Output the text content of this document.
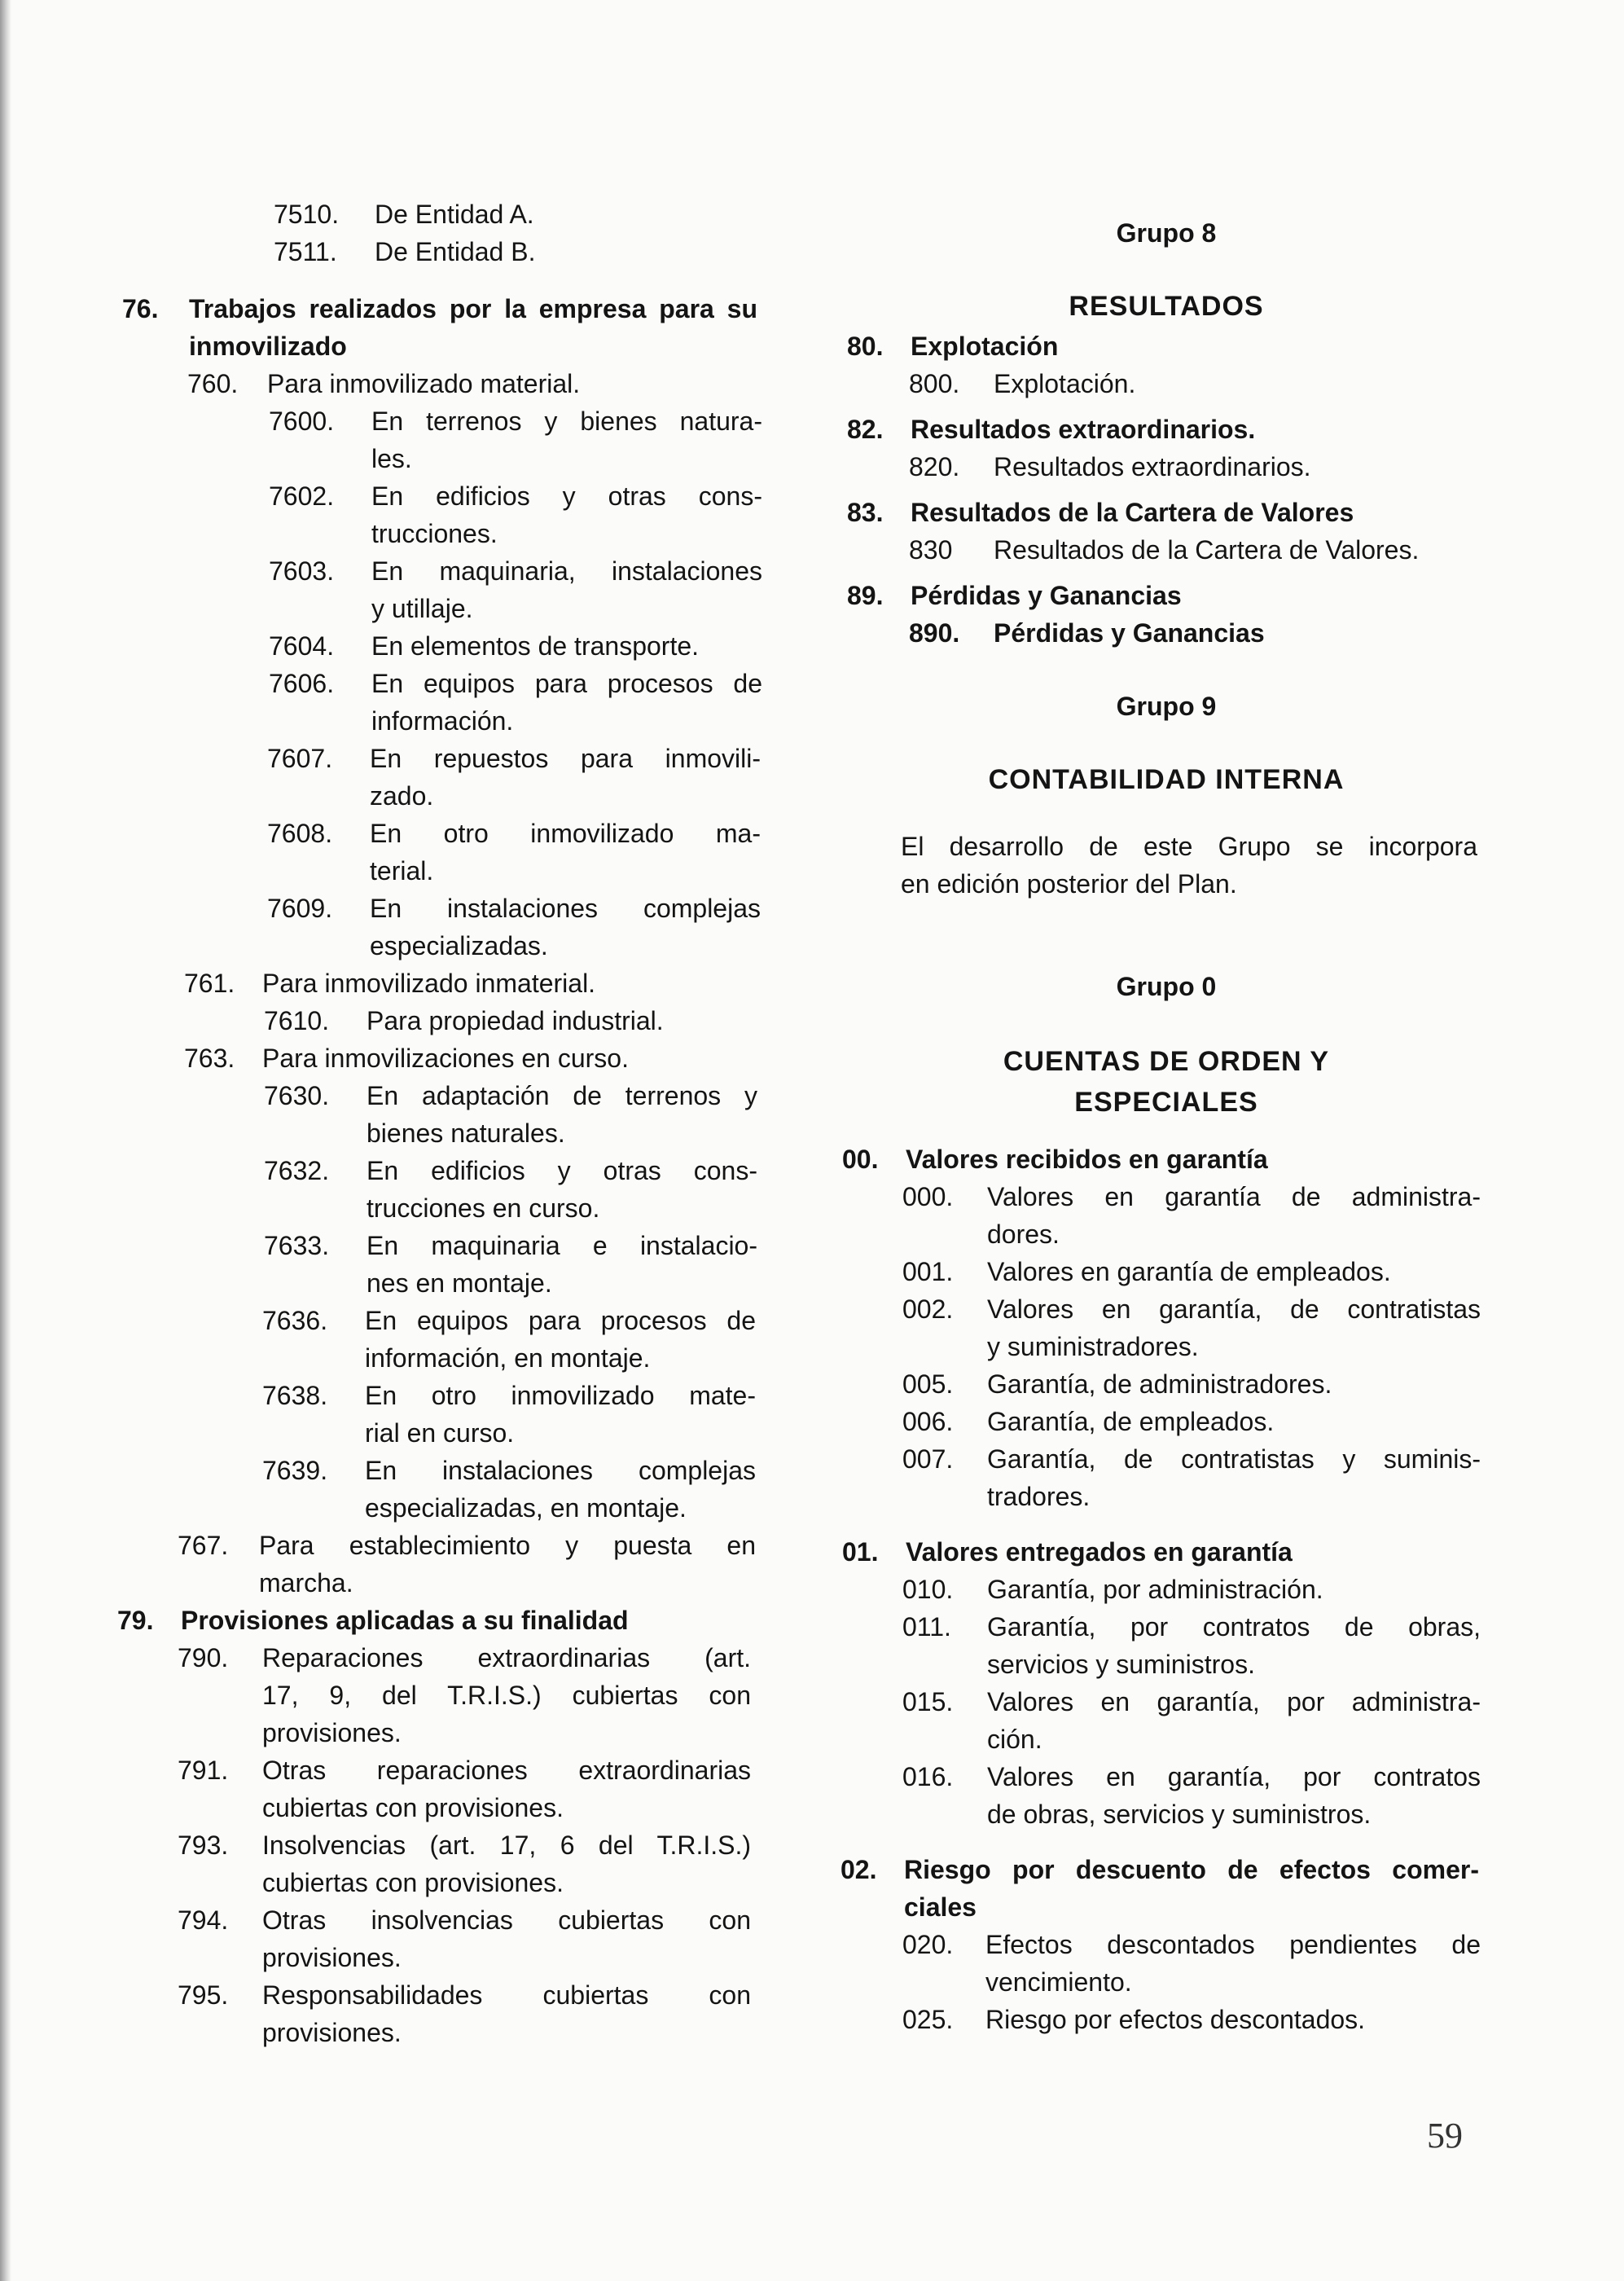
7510. De Entidad A.
7511. De Entidad B.
76. Trabajos realizados por la empresa para su
inmovilizado
760. Para inmovilizado material.
7600. En terrenos y bienes natura-
les.
7602. En edificios y otras cons-
trucciones.
7603. En maquinaria, instalaciones
y utillaje.
7604. En elementos de transporte.
7606. En equipos para procesos de
información.
7607. En repuestos para inmovili-
zado.
7608. En otro inmovilizado ma-
terial.
7609. En instalaciones complejas
especializadas.
761. Para inmovilizado inmaterial.
7610. Para propiedad industrial.
763. Para inmovilizaciones en curso.
7630. En adaptación de terrenos y
bienes naturales.
7632. En edificios y otras cons-
trucciones en curso.
7633. En maquinaria e instalacio-
nes en montaje.
7636. En equipos para procesos de
información, en montaje.
7638. En otro inmovilizado mate-
rial en curso.
7639. En instalaciones complejas
especializadas, en montaje.
767. Para establecimiento y puesta en
marcha.
79. Provisiones aplicadas a su finalidad
790. Reparaciones extraordinarias (art.
17, 9, del T.R.I.S.) cubiertas con
provisiones.
791. Otras reparaciones extraordinarias
cubiertas con provisiones.
793. Insolvencias (art. 17, 6 del T.R.I.S.)
cubiertas con provisiones.
794. Otras insolvencias cubiertas con
provisiones.
795. Responsabilidades cubiertas con
provisiones.
Grupo 8
RESULTADOS
80. Explotación
800. Explotación.
82. Resultados extraordinarios.
820. Resultados extraordinarios.
83. Resultados de la Cartera de Valores
830 Resultados de la Cartera de Valores.
89. Pérdidas y Ganancias
890. Pérdidas y Ganancias
Grupo 9
CONTABILIDAD INTERNA
El desarrollo de este Grupo se incorpora
en edición posterior del Plan.
Grupo 0
CUENTAS DE ORDEN Y
ESPECIALES
00. Valores recibidos en garantía
000. Valores en garantía de administra-
dores.
001. Valores en garantía de empleados.
002. Valores en garantía, de contratistas
y suministradores.
005. Garantía, de administradores.
006. Garantía, de empleados.
007. Garantía, de contratistas y suminis-
tradores.
01. Valores entregados en garantía
010. Garantía, por administración.
011. Garantía, por contratos de obras,
servicios y suministros.
015. Valores en garantía, por administra-
ción.
016. Valores en garantía, por contratos
de obras, servicios y suministros.
02. Riesgo por descuento de efectos comer-
ciales
020. Efectos descontados pendientes de
vencimiento.
025. Riesgo por efectos descontados.
59
